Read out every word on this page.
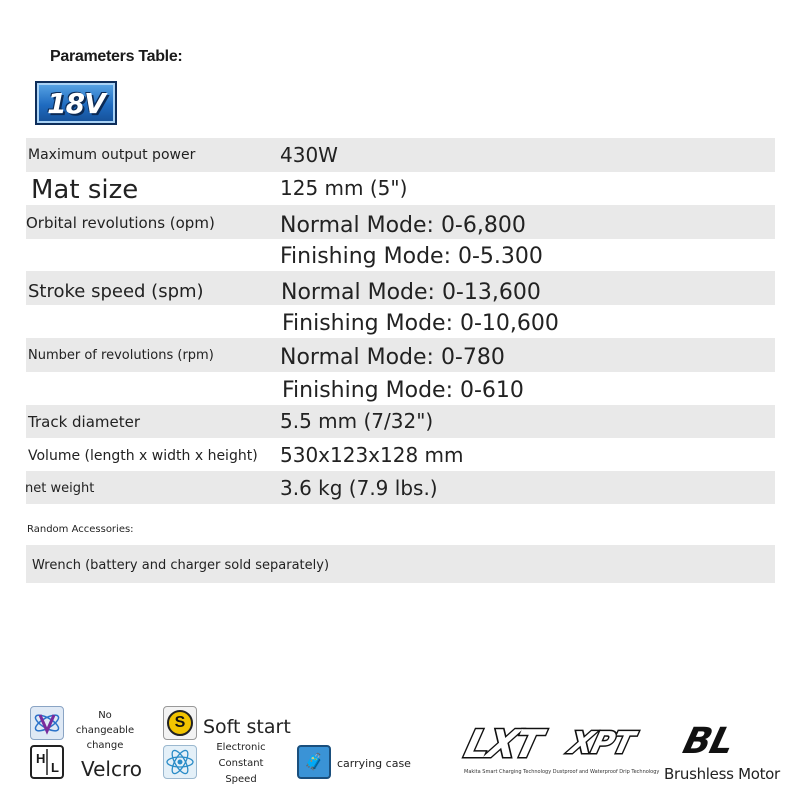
Parameters Table:
18V
Maximum output power	430W
Mat size	125 mm (5")
Orbital revolutions (opm)	Normal Mode: 0-6,800
Finishing Mode: 0-5.300
Stroke speed (spm)	Normal Mode: 0-13,600
Finishing Mode: 0-10,600
Number of revolutions (rpm)	Normal Mode: 0-780
Finishing Mode: 0-610
Track diameter	5.5 mm (7/32")
Volume (length x width x height) 530x123x128 mm
net weight	3.6 kg (7.9 lbs.)
Random Accessories:
Wrench (battery and charger sold separately)
No changeable
change
S Soft start
H
L Velcro
Electronic
Constant
Speed
🧳 carrying case LXT XPT	BL
Makita Smart Charging Technology Dustproof and Waterproof Drip Technology Brushless Motor
